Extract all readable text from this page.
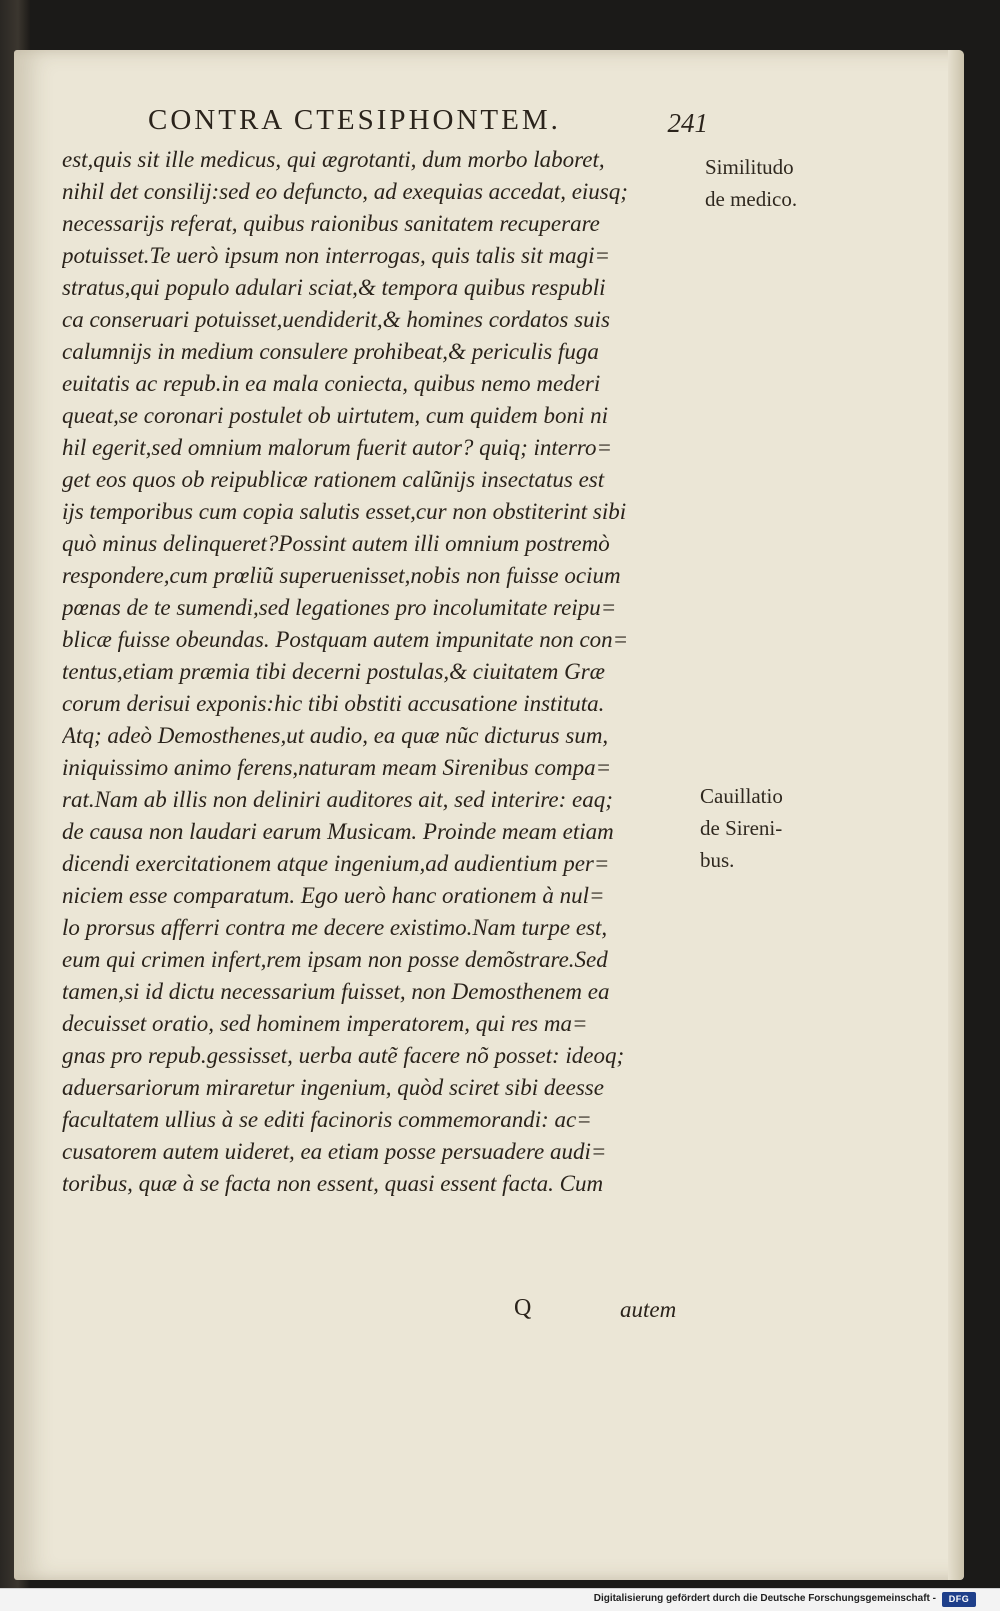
CONTRA CTESIPHONTEM.	241
est,quis sit ille medicus, qui ægrotanti, dum morbo laboret,
nihil det consilij:sed eo defuncto, ad exequias accedat, eiusq;
necessarijs referat, quibus raionibus sanitatem recuperare
potuisset.Te uerò ipsum non interrogas, quis talis sit magi=
stratus,qui populo adulari sciat,& tempora quibus respubli
ca conseruari potuisset,uendiderit,& homines cordatos suis
calumnijs in medium consulere prohibeat,& periculis fuga
euitatis ac repub.in ea mala coniecta, quibus nemo mederi
queat,se coronari postulet ob uirtutem, cum quidem boni ni
hil egerit,sed omnium malorum fuerit autor? quiq; interro=
get eos quos ob reipublicæ rationem calũnijs insectatus est
ijs temporibus cum copia salutis esset,cur non obstiterint sibi
quò minus delinqueret?Possint autem illi omnium postremò
respondere,cum prœliũ superuenisset,nobis non fuisse ocium
pœnas de te sumendi,sed legationes pro incolumitate reipu=
blicæ fuisse obeundas. Postquam autem impunitate non con=
tentus,etiam præmia tibi decerni postulas,& ciuitatem Græ
corum derisui exponis:hic tibi obstiti accusatione instituta.
Atq; adeò Demosthenes,ut audio, ea quæ nũc dicturus sum,
iniquissimo animo ferens,naturam meam Sirenibus compa=
rat.Nam ab illis non deliniri auditores ait, sed interire: eaq;
de causa non laudari earum Musicam. Proinde meam etiam
dicendi exercitationem atque ingenium,ad audientium per=
niciem esse comparatum. Ego uerò hanc orationem à nul=
lo prorsus afferri contra me decere existimo.Nam turpe est,
eum qui crimen infert,rem ipsam non posse demõstrare.Sed
tamen,si id dictu necessarium fuisset, non Demosthenem ea
decuisset oratio, sed hominem imperatorem, qui res ma=
gnas pro repub.gessisset, uerba autẽ facere nõ posset: ideoq;
aduersariorum miraretur ingenium, quòd sciret sibi deesse
facultatem ullius à se editi facinoris commemorandi: ac=
cusatorem autem uideret, ea etiam posse persuadere audi=
toribus, quæ à se facta non essent, quasi essent facta. Cum
Similitudo
de medico.
Cauillatio
de Sireni-
bus.
Q	autem
Digitalisierung gefördert durch die Deutsche Forschungsgemeinschaft -	DFG
